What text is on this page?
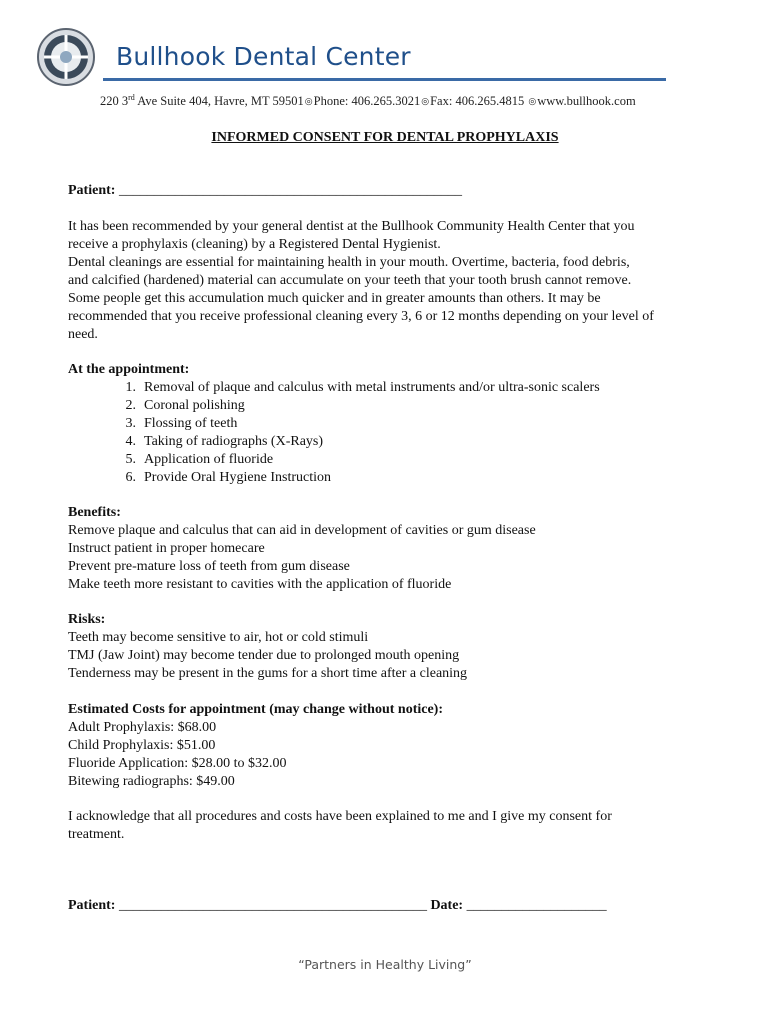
Bullhook Dental Center
220 3rd Ave Suite 404, Havre, MT 59501◎Phone: 406.265.3021◎Fax: 406.265.4815 ◎www.bullhook.com
INFORMED CONSENT FOR DENTAL PROPHYLAXIS
Patient: _________________________________________________
It has been recommended by your general dentist at the Bullhook Community Health Center that you
receive a prophylaxis (cleaning) by a Registered Dental Hygienist.
Dental cleanings are essential for maintaining health in your mouth. Overtime, bacteria, food debris,
and calcified (hardened) material can accumulate on your teeth that your tooth brush cannot remove.
Some people get this accumulation much quicker and in greater amounts than others. It may be
recommended that you receive professional cleaning every 3, 6 or 12 months depending on your level of
need.
At the appointment:
1. Removal of plaque and calculus with metal instruments and/or ultra-sonic scalers
2. Coronal polishing
3. Flossing of teeth
4. Taking of radiographs (X-Rays)
5. Application of fluoride
6. Provide Oral Hygiene Instruction
Benefits:
Remove plaque and calculus that can aid in development of cavities or gum disease
Instruct patient in proper homecare
Prevent pre-mature loss of teeth from gum disease
Make teeth more resistant to cavities with the application of fluoride
Risks:
Teeth may become sensitive to air, hot or cold stimuli
TMJ (Jaw Joint) may become tender due to prolonged mouth opening
Tenderness may be present in the gums for a short time after a cleaning
Estimated Costs for appointment (may change without notice):
Adult Prophylaxis: $68.00
Child Prophylaxis: $51.00
Fluoride Application: $28.00 to $32.00
Bitewing radiographs: $49.00
I acknowledge that all procedures and costs have been explained to me and I give my consent for
treatment.
Patient: ____________________________________________ Date: ____________________
“Partners in Healthy Living”
